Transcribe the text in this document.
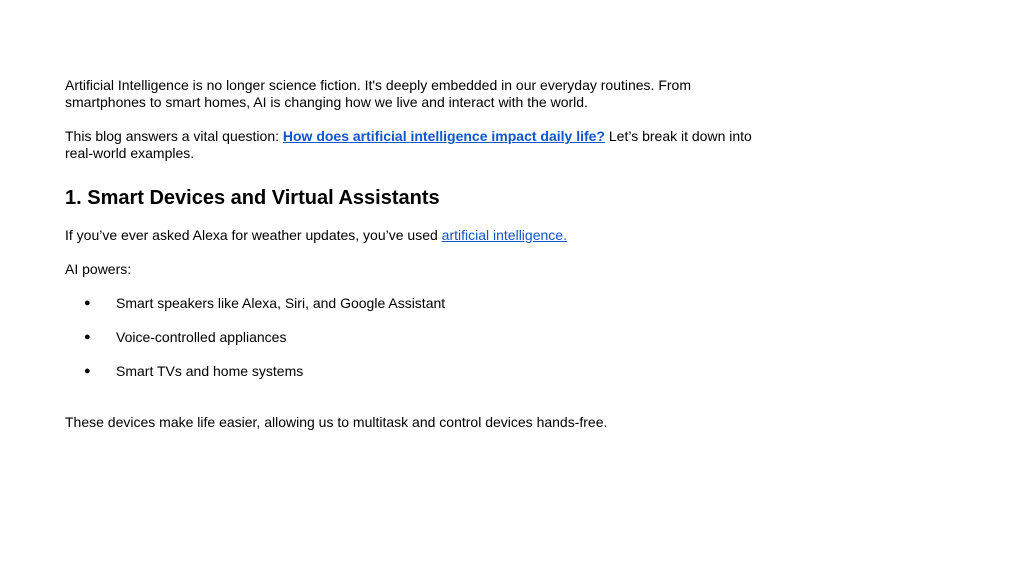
Artificial Intelligence is no longer science fiction. It's deeply embedded in our everyday routines. From smartphones to smart homes, AI is changing how we live and interact with the world.

This blog answers a vital question: How does artificial intelligence impact daily life? Let’s break it down into real-world examples.

1. Smart Devices and Virtual Assistants

If you’ve ever asked Alexa for weather updates, you’ve used artificial intelligence.

AI powers:

● Smart speakers like Alexa, Siri, and Google Assistant
● Voice-controlled appliances
● Smart TVs and home systems

These devices make life easier, allowing us to multitask and control devices hands-free.
